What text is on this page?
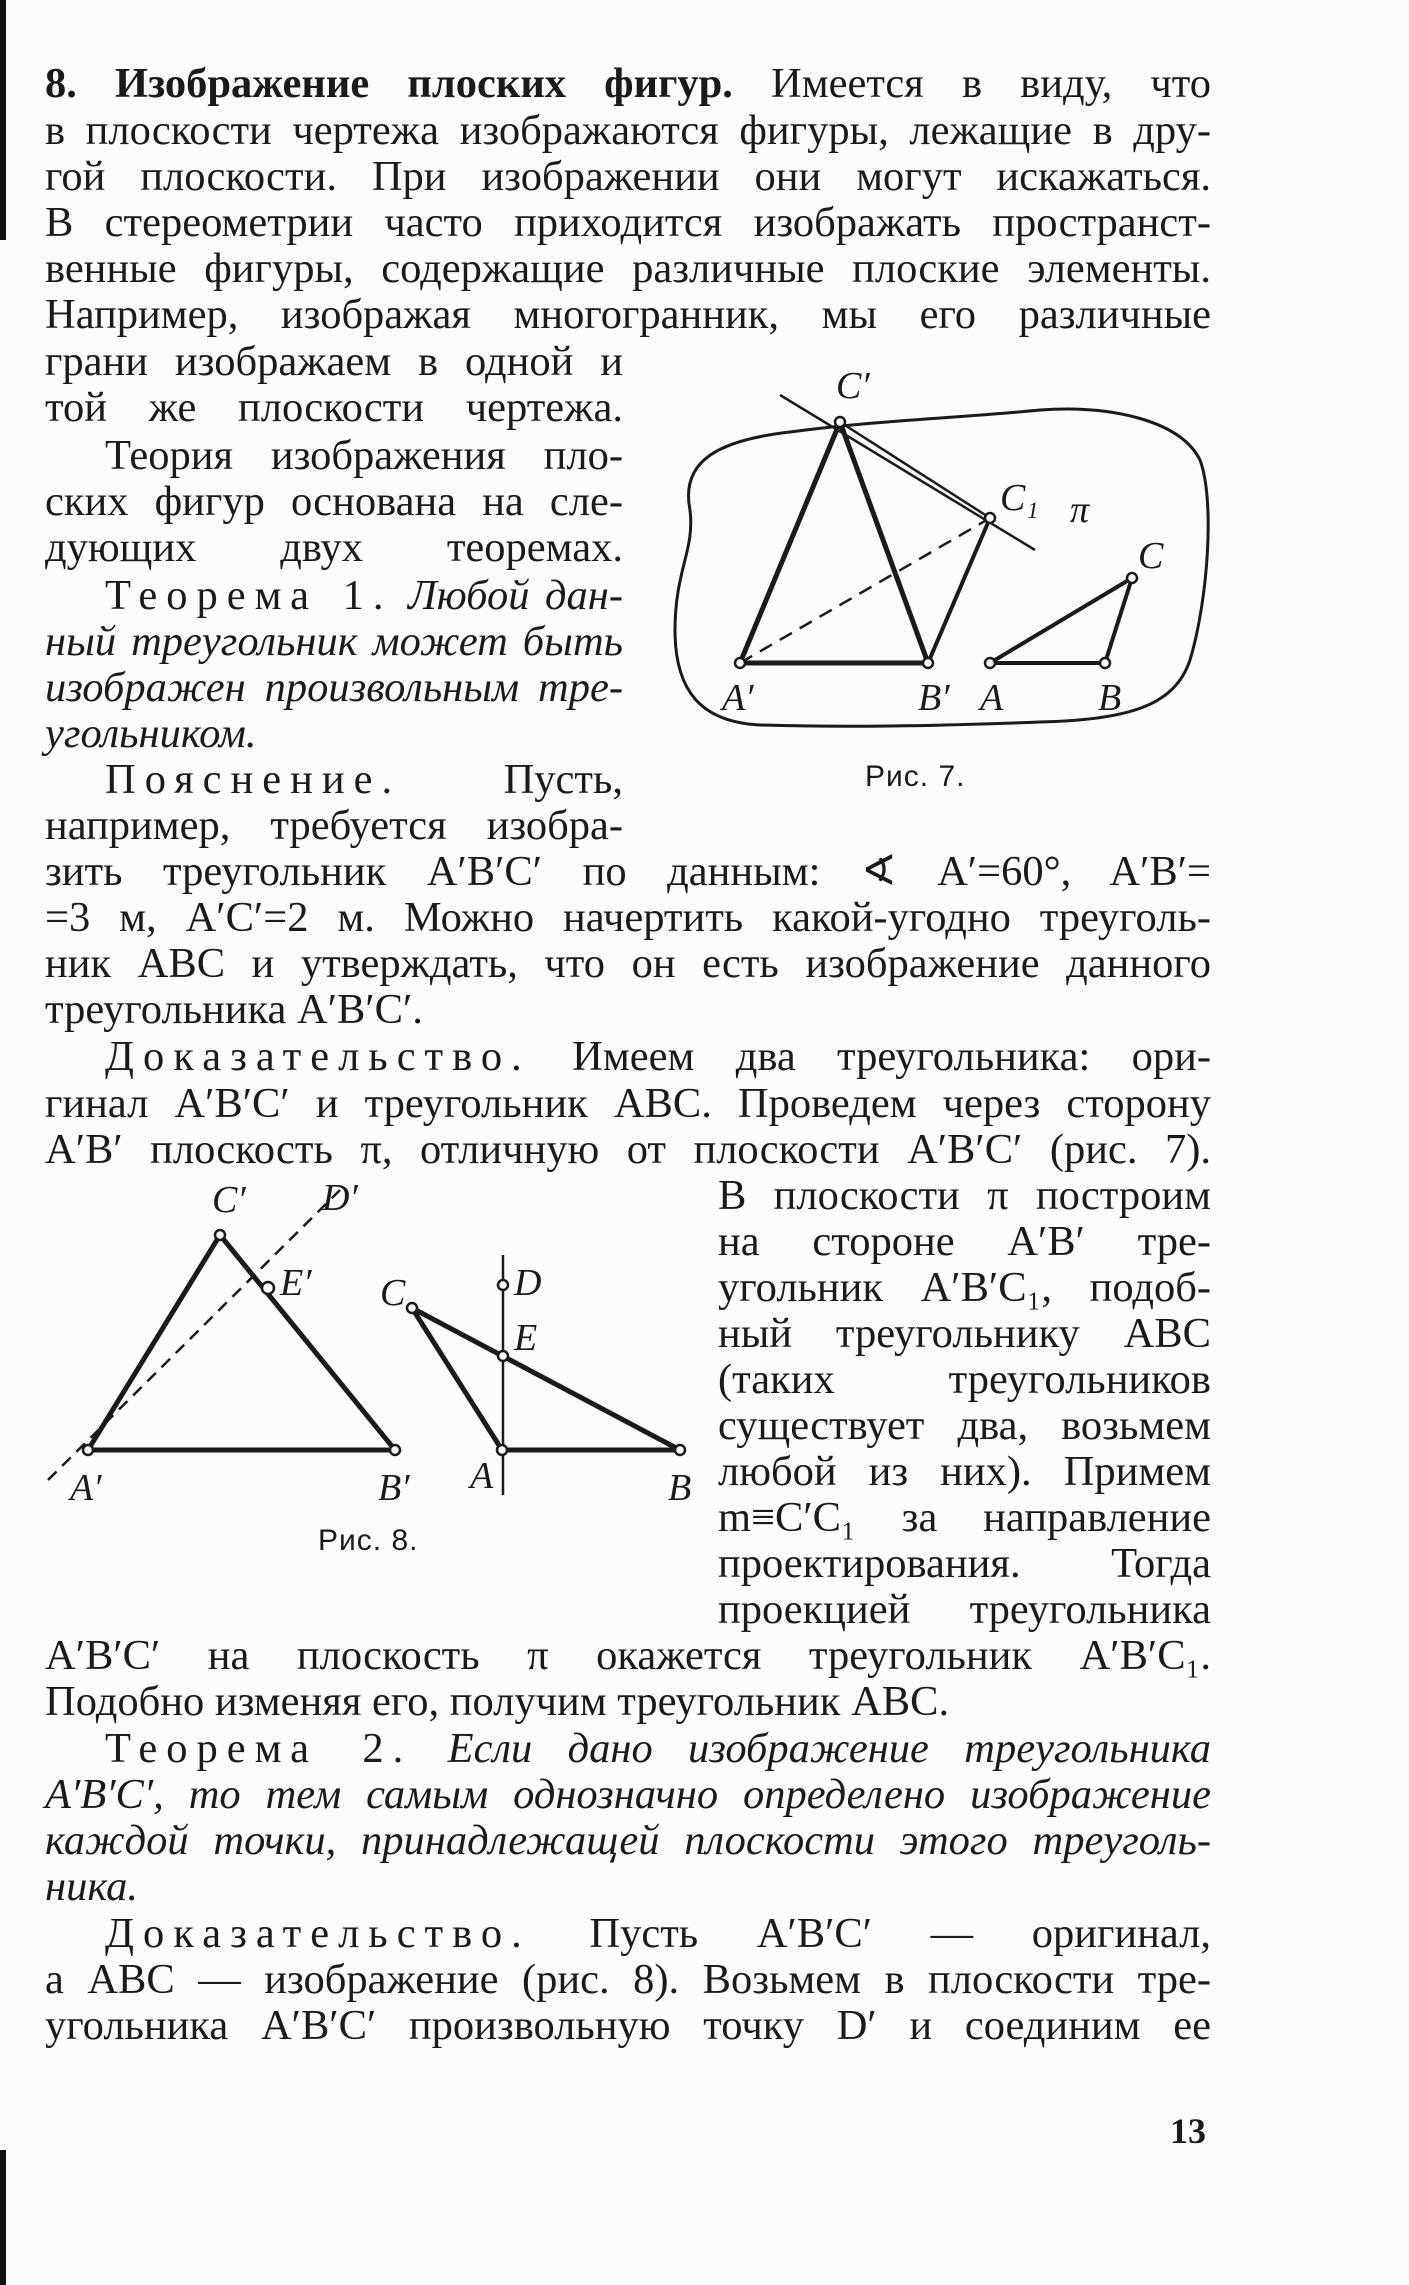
8. Изображение плоских фигур. Имеется в виду, что
в плоскости чертежа изображаются фигуры, лежащие в дру-
гой плоскости. При изображении они могут искажаться.
В стереометрии часто приходится изображать пространст-
венные фигуры, содержащие различные плоские элементы.
Например, изображая многогранник, мы его различные
грани изображаем в одной и
той же плоскости чертежа.
Теория изображения пло-
ских фигур основана на сле-
дующих двух теоремах.
Теорема 1. Любой дан-
ный треугольник может быть
изображен произвольным тре-
угольником.
Пояснение. Пусть,
например, требуется изобра-
зить треугольник A′B′C′ по данным: ∢ A′=60°, A′B′=
=3 м, A′C′=2 м. Можно начертить какой-угодно треуголь-
ник ABC и утверждать, что он есть изображение данного
треугольника A′B′C′.
Доказательство. Имеем два треугольника: ори-
гинал A′B′C′ и треугольник ABC. Проведем через сторону
A′B′ плоскость π, отличную от плоскости A′B′C′ (рис. 7).
В плоскости π построим
на стороне A′B′ тре-
угольник A′B′C₁, подоб-
ный треугольнику ABC
(таких треугольников
существует два, возьмем
любой из них). Примем
m≡C′C₁ за направление
проектирования. Тогда
проекцией треугольника
A′B′C′ на плоскость π окажется треугольник A′B′C₁.
Подобно изменяя его, получим треугольник ABC.
Теорема 2. Если дано изображение треугольника
A′B′C′, то тем самым однозначно определено изображение
каждой точки, принадлежащей плоскости этого треуголь-
ника.
Доказательство. Пусть A′B′C′ — оригинал,
а ABC — изображение (рис. 8). Возьмем в плоскости тре-
угольника A′B′C′ произвольную точку D′ и соединим ее
C′
C₁ π
C
A′	B′ A B
Рис. 7.
C′ D′
E′
A′	B′
C	D
E
A	B
Рис. 8.
13
